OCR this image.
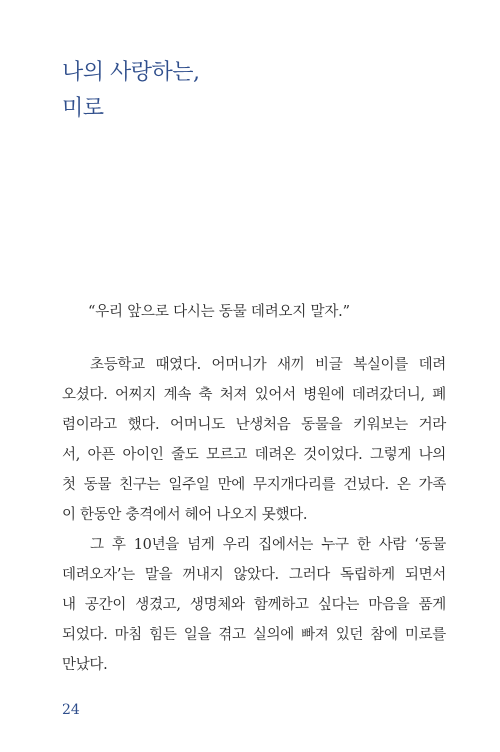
나의 사랑하는,
미로

“우리 앞으로 다시는 동물 데려오지 말자.”

초등학교 때였다. 어머니가 새끼 비글 복실이를 데려
오셨다. 어찌지 계속 축 처져 있어서 병원에 데려갔더니, 폐
렴이라고 했다. 어머니도 난생처음 동물을 키워보는 거라
서, 아픈 아이인 줄도 모르고 데려온 것이었다. 그렇게 나의
첫 동물 친구는 일주일 만에 무지개다리를 건넜다. 온 가족
이 한동안 충격에서 헤어 나오지 못했다.

그 후 10년을 넘게 우리 집에서는 누구 한 사람 ‘동물
데려오자’는 말을 꺼내지 않았다. 그러다 독립하게 되면서
내 공간이 생겼고, 생명체와 함께하고 싶다는 마음을 품게
되었다. 마침 힘든 일을 겪고 실의에 빠져 있던 참에 미로를
만났다.

24
